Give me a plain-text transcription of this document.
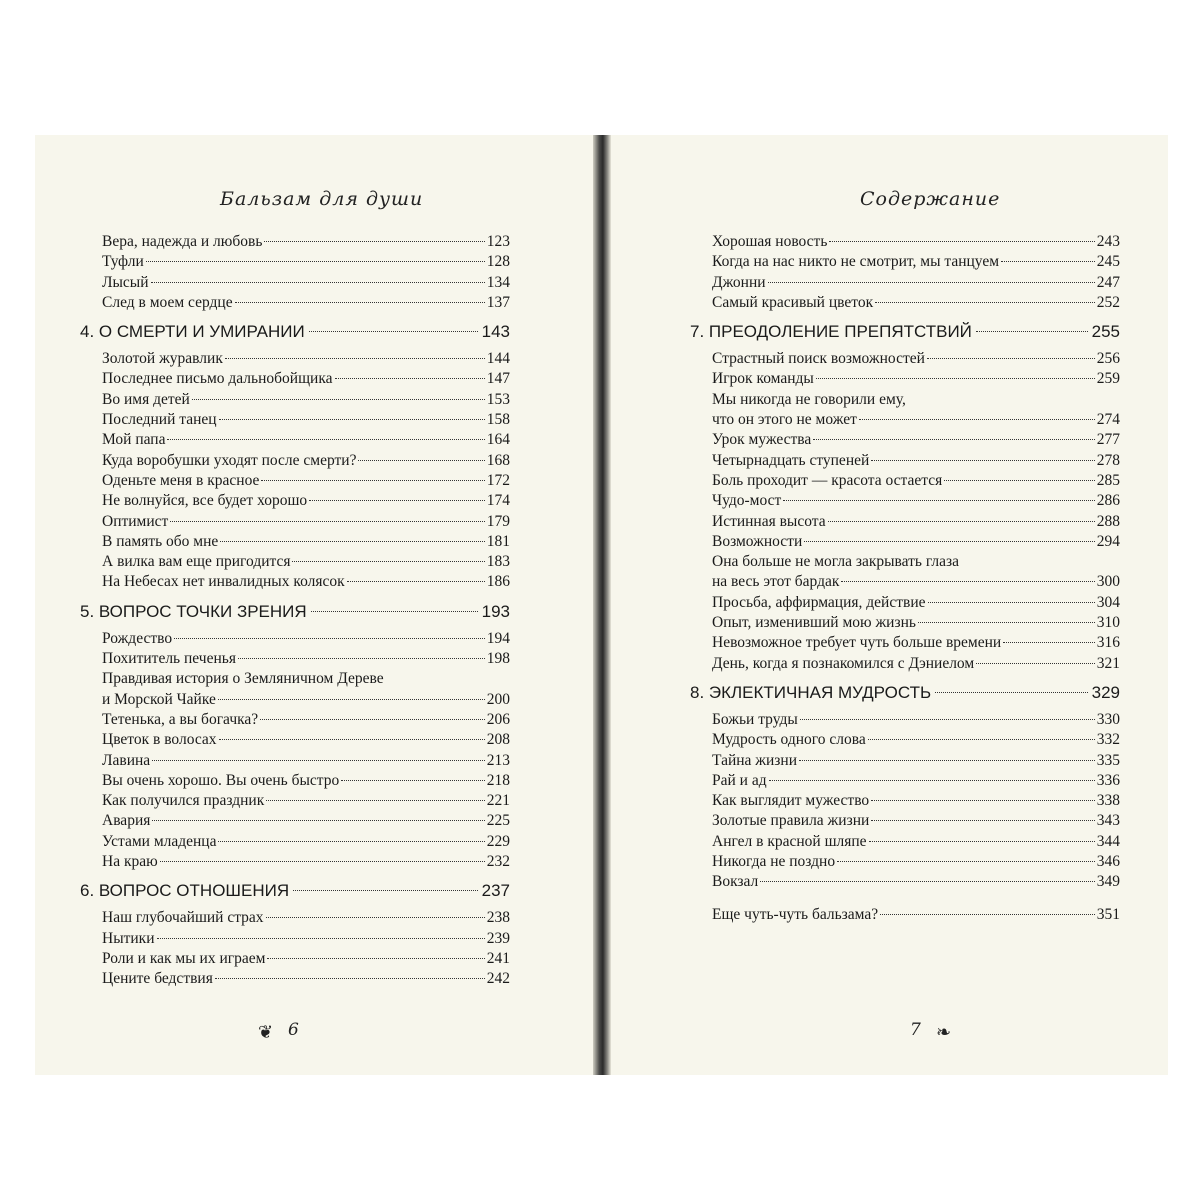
Бальзам для души	Содержание
Вера, надежда и любовь	123
Туфли	128
Лысый	134
След в моем сердце	137
4. О СМЕРТИ И УМИРАНИИ	143
Золотой журавлик	144
Последнее письмо дальнобойщика	147
Во имя детей	153
Последний танец	158
Мой папа	164
Куда воробушки уходят после смерти?	168
Оденьте меня в красное	172
Не волнуйся, все будет хорошо	174
Оптимист	179
В память обо мне	181
А вилка вам еще пригодится	183
На Небесах нет инвалидных колясок	186
5. ВОПРОС ТОЧКИ ЗРЕНИЯ	193
Рождество	194
Похититель печенья	198
Правдивая история о Земляничном Дереве
и Морской Чайке	200
Тетенька, а вы богачка?	206
Цветок в волосах	208
Лавина	213
Вы очень хорошо. Вы очень быстро	218
Как получился праздник	221
Авария	225
Устами младенца	229
На краю	232
6. ВОПРОС ОТНОШЕНИЯ	237
Наш глубочайший страх	238
Нытики	239
Роли и как мы их играем	241
Цените бедствия	242
Хорошая новость	243
Когда на нас никто не смотрит, мы танцуем	245
Джонни	247
Самый красивый цветок	252
7. ПРЕОДОЛЕНИЕ ПРЕПЯТСТВИЙ	255
Страстный поиск возможностей	256
Игрок команды	259
Мы никогда не говорили ему,
что он этого не может	274
Урок мужества	277
Четырнадцать ступеней	278
Боль проходит — красота остается	285
Чудо-мост	286
Истинная высота	288
Возможности	294
Она больше не могла закрывать глаза
на весь этот бардак	300
Просьба, аффирмация, действие	304
Опыт, изменивший мою жизнь	310
Невозможное требует чуть больше времени	316
День, когда я познакомился с Дэниелом	321
8. ЭКЛЕКТИЧНАЯ МУДРОСТЬ	329
Божьи труды	330
Мудрость одного слова	332
Тайна жизни	335
Рай и ад	336
Как выглядит мужество	338
Золотые правила жизни	343
Ангел в красной шляпе	344
Никогда не поздно	346
Вокзал	349
Еще чуть-чуть бальзама?	351
❦ 6	7 ❧
